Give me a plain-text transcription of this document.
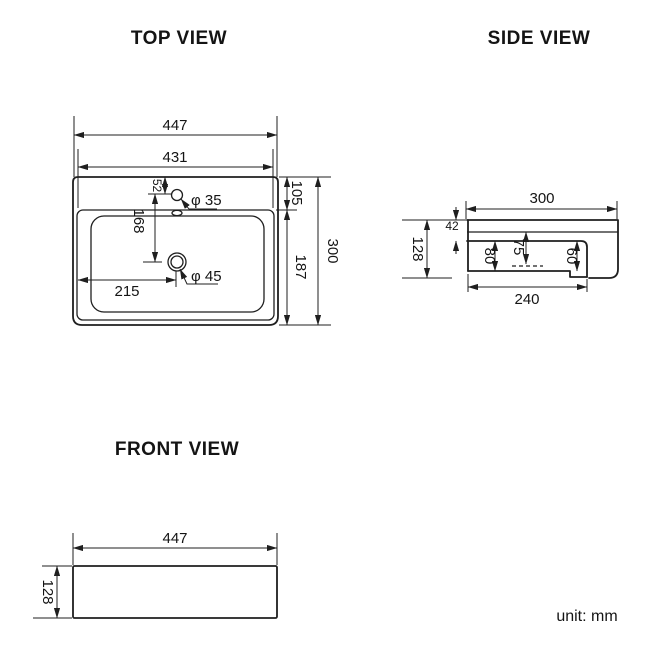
TOP VIEW
447
431
105
187
300
52
168
215
φ 35
φ 45
SIDE VIEW
300
42
128	80
75
60
240
FRONT VIEW
447
128
unit: mm
